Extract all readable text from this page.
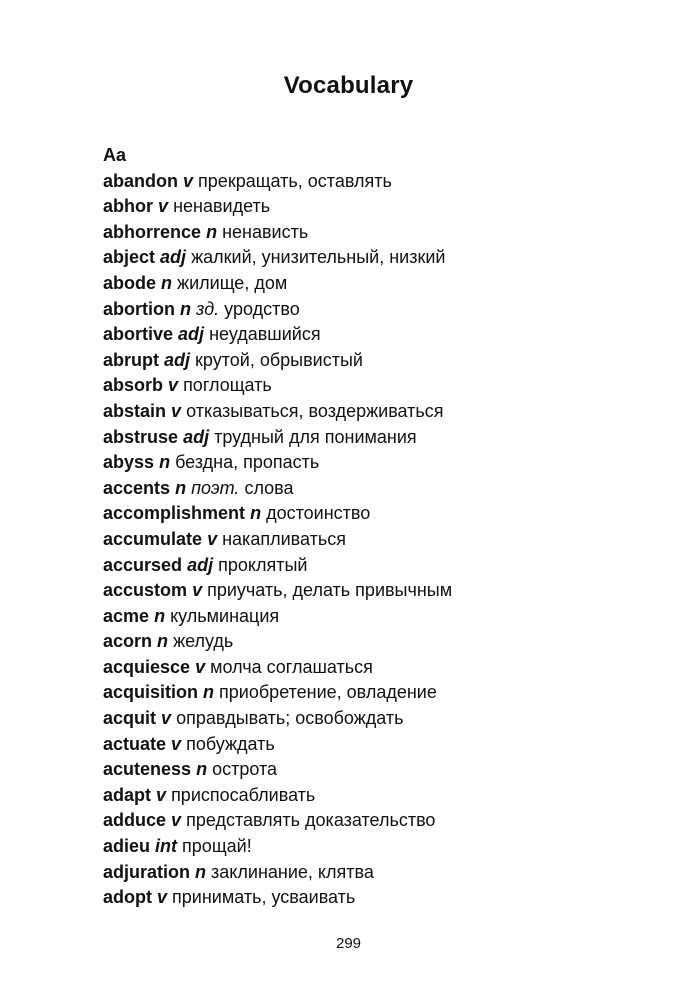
Vocabulary
Aa
abandon v прекращать, оставлять
abhor v ненавидеть
abhorrence n ненависть
abject adj жалкий, унизительный, низкий
abode n жилище, дом
abortion n зд. уродство
abortive adj неудавшийся
abrupt adj крутой, обрывистый
absorb v поглощать
abstain v отказываться, воздерживаться
abstruse adj трудный для понимания
abyss n бездна, пропасть
accents n поэт. слова
accomplishment n достоинство
accumulate v накапливаться
accursed adj проклятый
accustom v приучать, делать привычным
acme n кульминация
acorn n желудь
acquiesce v молча соглашаться
acquisition n приобретение, овладение
acquit v оправдывать; освобождать
actuate v побуждать
acuteness n острота
adapt v приспосабливать
adduce v представлять доказательство
adieu int прощай!
adjuration n заклинание, клятва
adopt v принимать, усваивать
299
